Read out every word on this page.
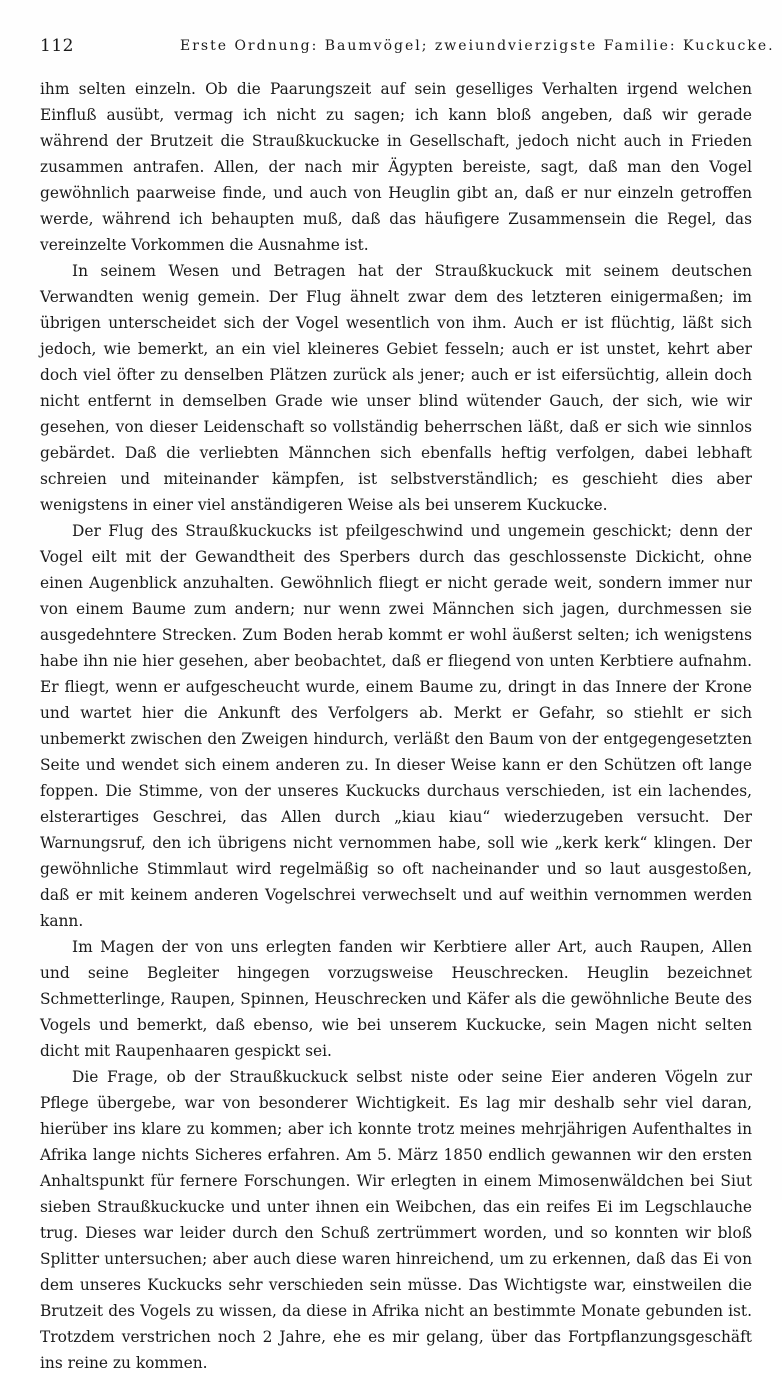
112	Erste Ordnung: Baumvögel; zweiundvierzigste Familie: Kuckucke.

ihm selten einzeln. Ob die Paarungszeit auf sein geselliges Verhalten irgend welchen Einfluß ausübt, vermag ich nicht zu sagen; ich kann bloß angeben, daß wir gerade während der Brutzeit die Straußkuckucke in Gesellschaft, jedoch nicht auch in Frieden zusammen antrafen. Allen, der nach mir Ägypten bereiste, sagt, daß man den Vogel gewöhnlich paarweise finde, und auch von Heuglin gibt an, daß er nur einzeln getroffen werde, während ich behaupten muß, daß das häufigere Zusammensein die Regel, das vereinzelte Vorkommen die Ausnahme ist.

In seinem Wesen und Betragen hat der Straußkuckuck mit seinem deutschen Verwandten wenig gemein. Der Flug ähnelt zwar dem des letzteren einigermaßen; im übrigen unterscheidet sich der Vogel wesentlich von ihm. Auch er ist flüchtig, läßt sich jedoch, wie bemerkt, an ein viel kleineres Gebiet fesseln; auch er ist unstet, kehrt aber doch viel öfter zu denselben Plätzen zurück als jener; auch er ist eifersüchtig, allein doch nicht entfernt in demselben Grade wie unser blind wütender Gauch, der sich, wie wir gesehen, von dieser Leidenschaft so vollständig beherrschen läßt, daß er sich wie sinnlos gebärdet. Daß die verliebten Männchen sich ebenfalls heftig verfolgen, dabei lebhaft schreien und miteinander kämpfen, ist selbstverständlich; es geschieht dies aber wenigstens in einer viel anständigeren Weise als bei unserem Kuckucke.

Der Flug des Straußkuckucks ist pfeilgeschwind und ungemein geschickt; denn der Vogel eilt mit der Gewandtheit des Sperbers durch das geschlossenste Dickicht, ohne einen Augenblick anzuhalten. Gewöhnlich fliegt er nicht gerade weit, sondern immer nur von einem Baume zum andern; nur wenn zwei Männchen sich jagen, durchmessen sie ausgedehntere Strecken. Zum Boden herab kommt er wohl äußerst selten; ich wenigstens habe ihn nie hier gesehen, aber beobachtet, daß er fliegend von unten Kerbtiere aufnahm. Er fliegt, wenn er aufgescheucht wurde, einem Baume zu, dringt in das Innere der Krone und wartet hier die Ankunft des Verfolgers ab. Merkt er Gefahr, so stiehlt er sich unbemerkt zwischen den Zweigen hindurch, verläßt den Baum von der entgegengesetzten Seite und wendet sich einem anderen zu. In dieser Weise kann er den Schützen oft lange foppen. Die Stimme, von der unseres Kuckucks durchaus verschieden, ist ein lachendes, elsterartiges Geschrei, das Allen durch „kiau kiau“ wiederzugeben versucht. Der Warnungsruf, den ich übrigens nicht vernommen habe, soll wie „kerk kerk“ klingen. Der gewöhnliche Stimmlaut wird regelmäßig so oft nacheinander und so laut ausgestoßen, daß er mit keinem anderen Vogelschrei verwechselt und auf weithin vernommen werden kann.

Im Magen der von uns erlegten fanden wir Kerbtiere aller Art, auch Raupen, Allen und seine Begleiter hingegen vorzugsweise Heuschrecken. Heuglin bezeichnet Schmetterlinge, Raupen, Spinnen, Heuschrecken und Käfer als die gewöhnliche Beute des Vogels und bemerkt, daß ebenso, wie bei unserem Kuckucke, sein Magen nicht selten dicht mit Raupenhaaren gespickt sei.

Die Frage, ob der Straußkuckuck selbst niste oder seine Eier anderen Vögeln zur Pflege übergebe, war von besonderer Wichtigkeit. Es lag mir deshalb sehr viel daran, hierüber ins klare zu kommen; aber ich konnte trotz meines mehrjährigen Aufenthaltes in Afrika lange nichts Sicheres erfahren. Am 5. März 1850 endlich gewannen wir den ersten Anhaltspunkt für fernere Forschungen. Wir erlegten in einem Mimosenwäldchen bei Siut sieben Straußkuckucke und unter ihnen ein Weibchen, das ein reifes Ei im Legschlauche trug. Dieses war leider durch den Schuß zertrümmert worden, und so konnten wir bloß Splitter untersuchen; aber auch diese waren hinreichend, um zu erkennen, daß das Ei von dem unseres Kuckucks sehr verschieden sein müsse. Das Wichtigste war, einstweilen die Brutzeit des Vogels zu wissen, da diese in Afrika nicht an bestimmte Monate gebunden ist. Trotzdem verstrichen noch 2 Jahre, ehe es mir gelang, über das Fortpflanzungsgeschäft ins reine zu kommen.
